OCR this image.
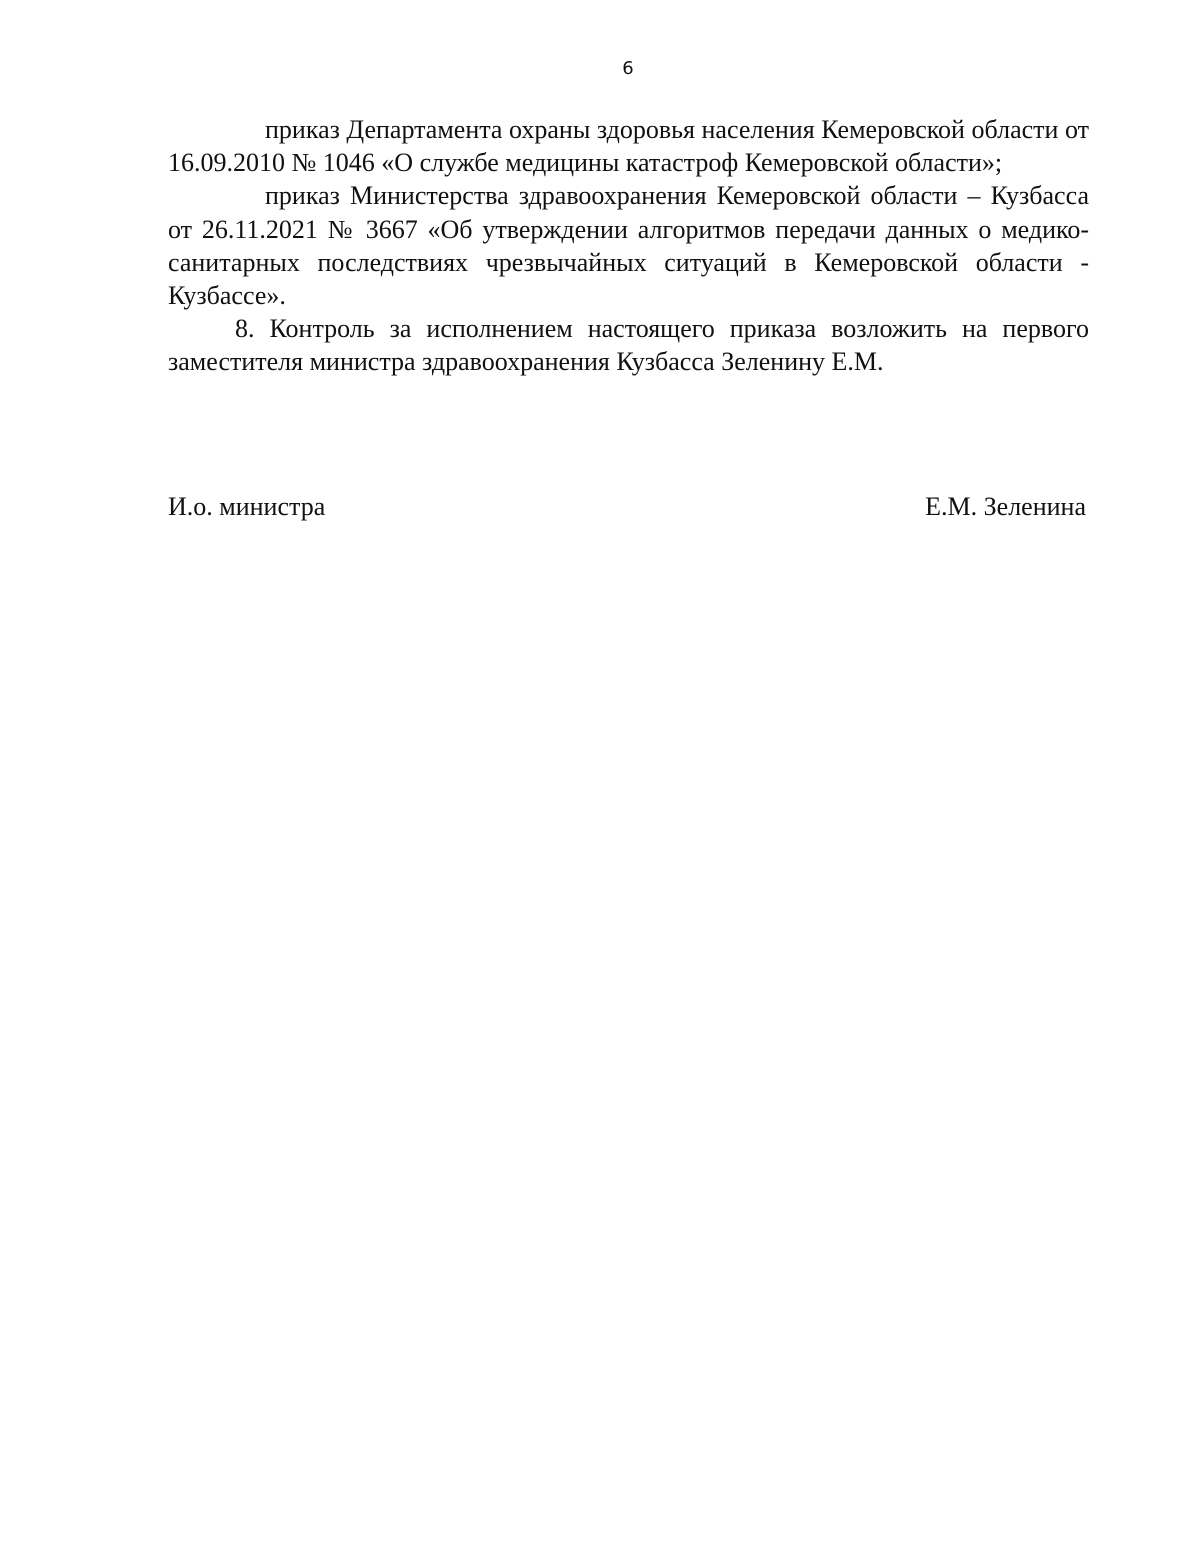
6

приказ Департамента охраны здоровья населения Кемеровской области от 16.09.2010 № 1046 «О службе медицины катастроф Кемеровской области»;

приказ Министерства здравоохранения Кемеровской области – Кузбасса от 26.11.2021 № 3667 «Об утверждении алгоритмов передачи данных о медико-санитарных последствиях чрезвычайных ситуаций в Кемеровской области - Кузбассе».

8. Контроль за исполнением настоящего приказа возложить на первого заместителя министра здравоохранения Кузбасса Зеленину Е.М.

И.о. министра	Е.М. Зеленина
